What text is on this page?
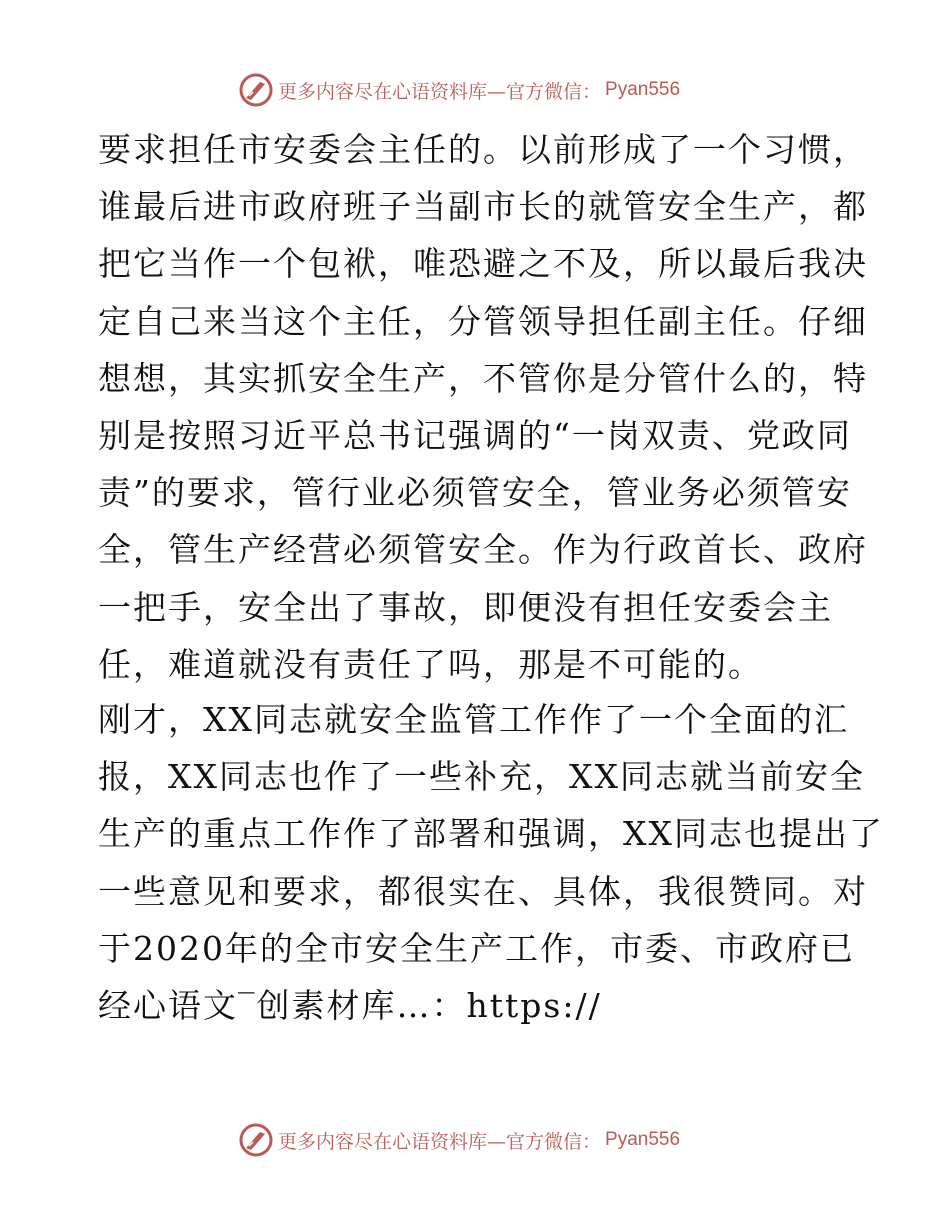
更多内容尽在心语资料库—官方微信： Pyan556
要求担任市安委会主任的。以前形成了一个习惯，
谁最后进市政府班子当副市长的就管安全生产，都
把它当作一个包袱，唯恐避之不及，所以最后我决
定自己来当这个主任，分管领导担任副主任。仔细
想想，其实抓安全生产，不管你是分管什么的，特
别是按照习近平总书记强调的“一岗双责、党政同
责”的要求，管行业必须管安全，管业务必须管安
全，管生产经营必须管安全。作为行政首长、政府
一把手，安全出了事故，即便没有担任安委会主
任，难道就没有责任了吗，那是不可能的。
刚才，XX同志就安全监管工作作了一个全面的汇
报，XX同志也作了一些补充，XX同志就当前安全
生产的重点工作作了部署和强调，XX同志也提出了
一些意见和要求，都很实在、具体，我很赞同。对
于2020年的全市安全生产工作，市委、市政府已
经心语文‾创素材库…：https://
更多内容尽在心语资料库—官方微信： Pyan556
